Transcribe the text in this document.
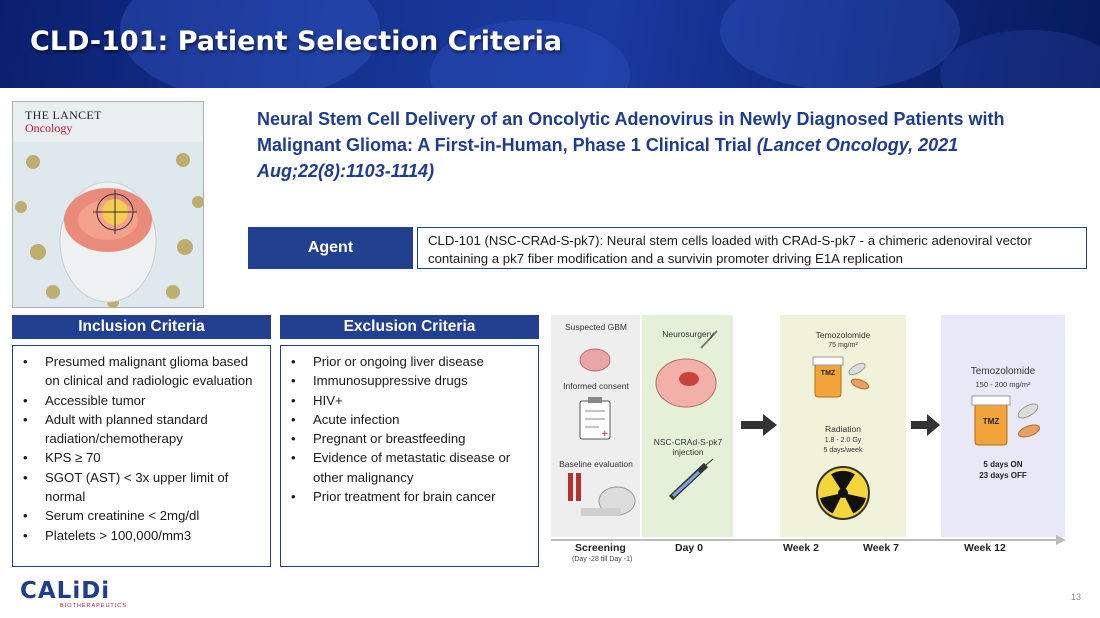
CLD-101: Patient Selection Criteria
THE LANCET
Oncology	Neural Stem Cell Delivery of an Oncolytic Adenovirus in Newly Diagnosed Patients with Malignant Glioma: A First-in-Human, Phase 1 Clinical Trial (Lancet Oncology, 2021 Aug;22(8):1103-1114)
Agent	CLD-101 (NSC-CRAd-S-pk7): Neural stem cells loaded with CRAd-S-pk7 - a chimeric adenoviral vector containing a pk7 fiber modification and a survivin promoter driving E1A replication
Inclusion Criteria
• Presumed malignant glioma based on clinical and radiologic evaluation
• Accessible tumor
• Adult with planned standard radiation/chemotherapy
• KPS ≥ 70
• SGOT (AST) < 3x upper limit of normal
• Serum creatinine < 2mg/dl
• Platelets > 100,000/mm3
Exclusion Criteria
• Prior or ongoing liver disease
• Immunosuppressive drugs
• HIV+
• Acute infection
• Pregnant or breastfeeding
• Evidence of metastatic disease or other malignancy
• Prior treatment for brain cancer
+
Suspected GBM
Informed consent
Baseline evaluation
Neurosurgery
NSC-CRAd-S-pk7 injection
Temozolomide
75 mg/m²
TMZ
Radiation
1.8 - 2.0 Gy
5 days/week
Temozolomide
150 - 200 mg/m²
TMZ
5 days ON
23 days OFF
Screening
(Day -28 till Day -1)
Day 0	Week 2	Week 7	Week 12
CALiDi
BIOTHERAPEUTICS
13
